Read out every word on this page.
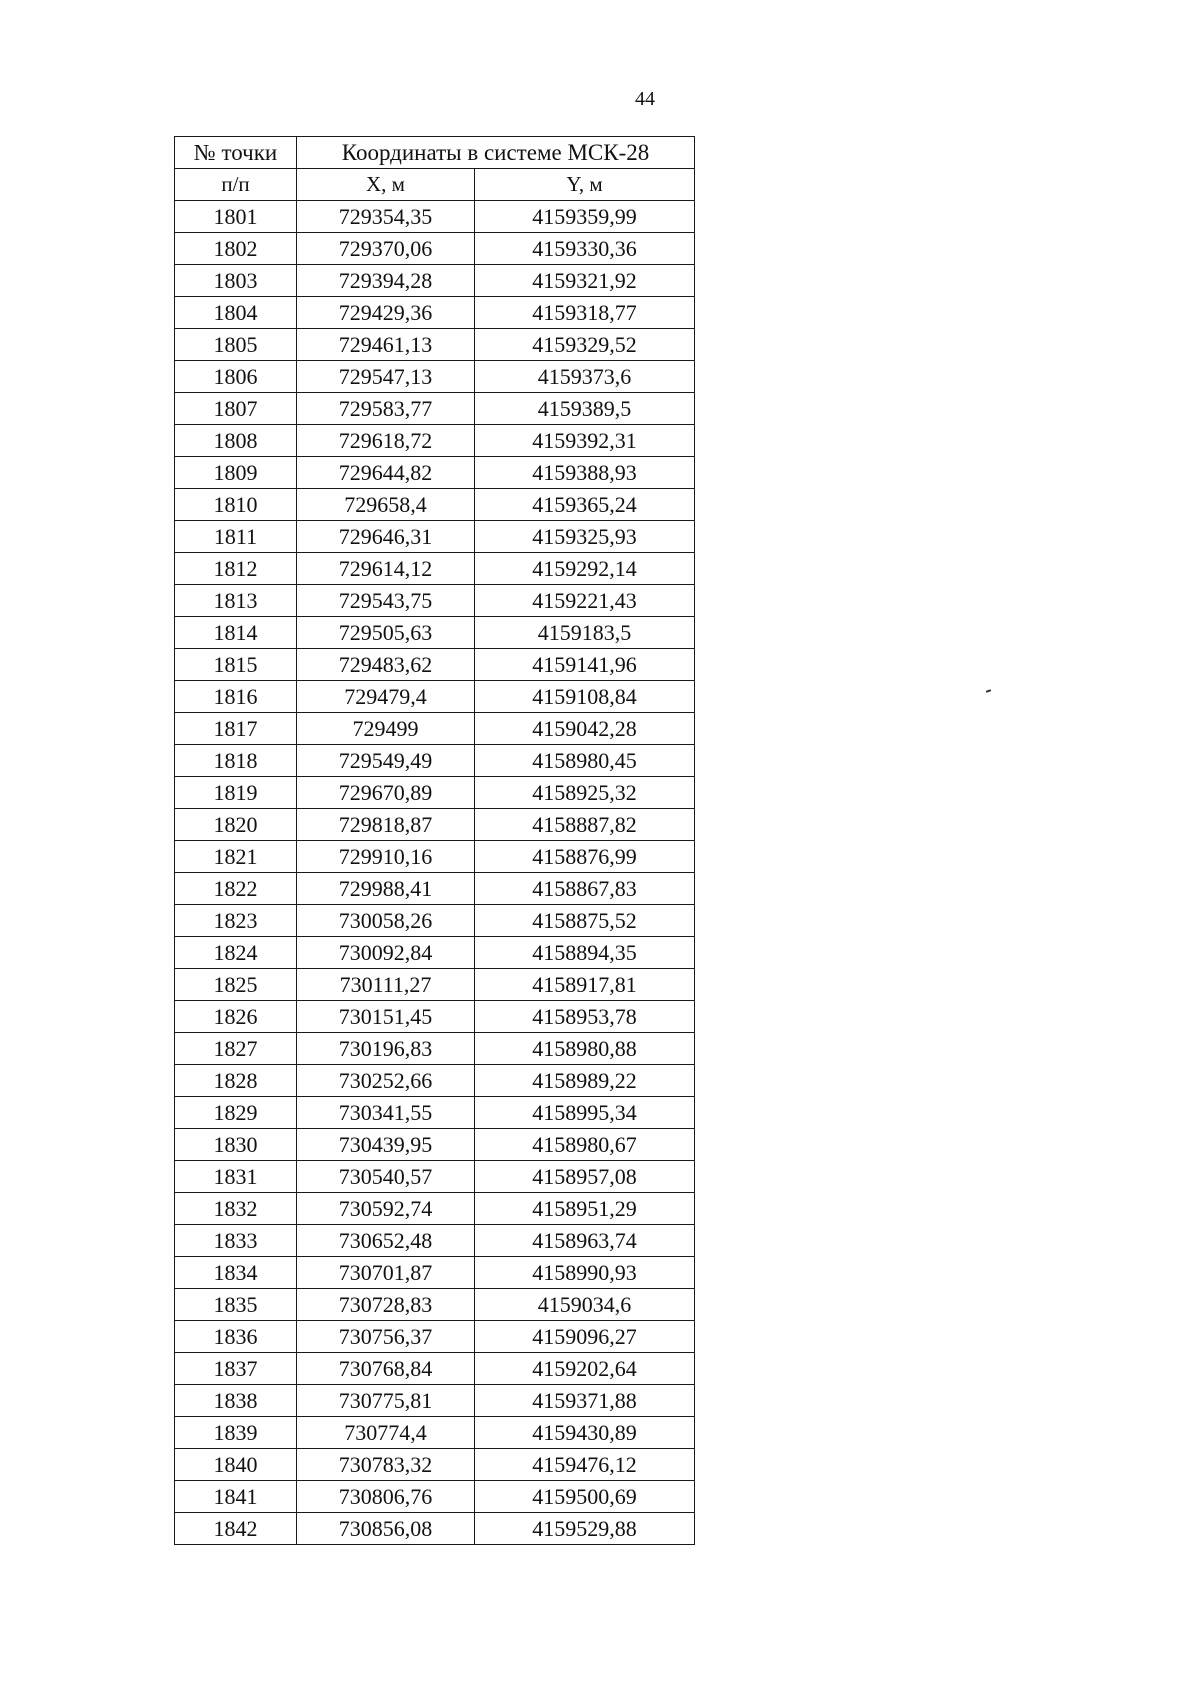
44
№ точки	Координаты в системе МСК-28	
п/п	X, м	Y, м
1801	729354,35	4159359,99
1802	729370,06	4159330,36
1803	729394,28	4159321,92
1804	729429,36	4159318,77
1805	729461,13	4159329,52
1806	729547,13	4159373,6
1807	729583,77	4159389,5
1808	729618,72	4159392,31
1809	729644,82	4159388,93
1810	729658,4	4159365,24
1811	729646,31	4159325,93
1812	729614,12	4159292,14
1813	729543,75	4159221,43
1814	729505,63	4159183,5
1815	729483,62	4159141,96
1816	729479,4	4159108,84
1817	729499	4159042,28
1818	729549,49	4158980,45
1819	729670,89	4158925,32
1820	729818,87	4158887,82
1821	729910,16	4158876,99
1822	729988,41	4158867,83
1823	730058,26	4158875,52
1824	730092,84	4158894,35
1825	730111,27	4158917,81
1826	730151,45	4158953,78
1827	730196,83	4158980,88
1828	730252,66	4158989,22
1829	730341,55	4158995,34
1830	730439,95	4158980,67
1831	730540,57	4158957,08
1832	730592,74	4158951,29
1833	730652,48	4158963,74
1834	730701,87	4158990,93
1835	730728,83	4159034,6
1836	730756,37	4159096,27
1837	730768,84	4159202,64
1838	730775,81	4159371,88
1839	730774,4	4159430,89
1840	730783,32	4159476,12
1841	730806,76	4159500,69
1842	730856,08	4159529,88
